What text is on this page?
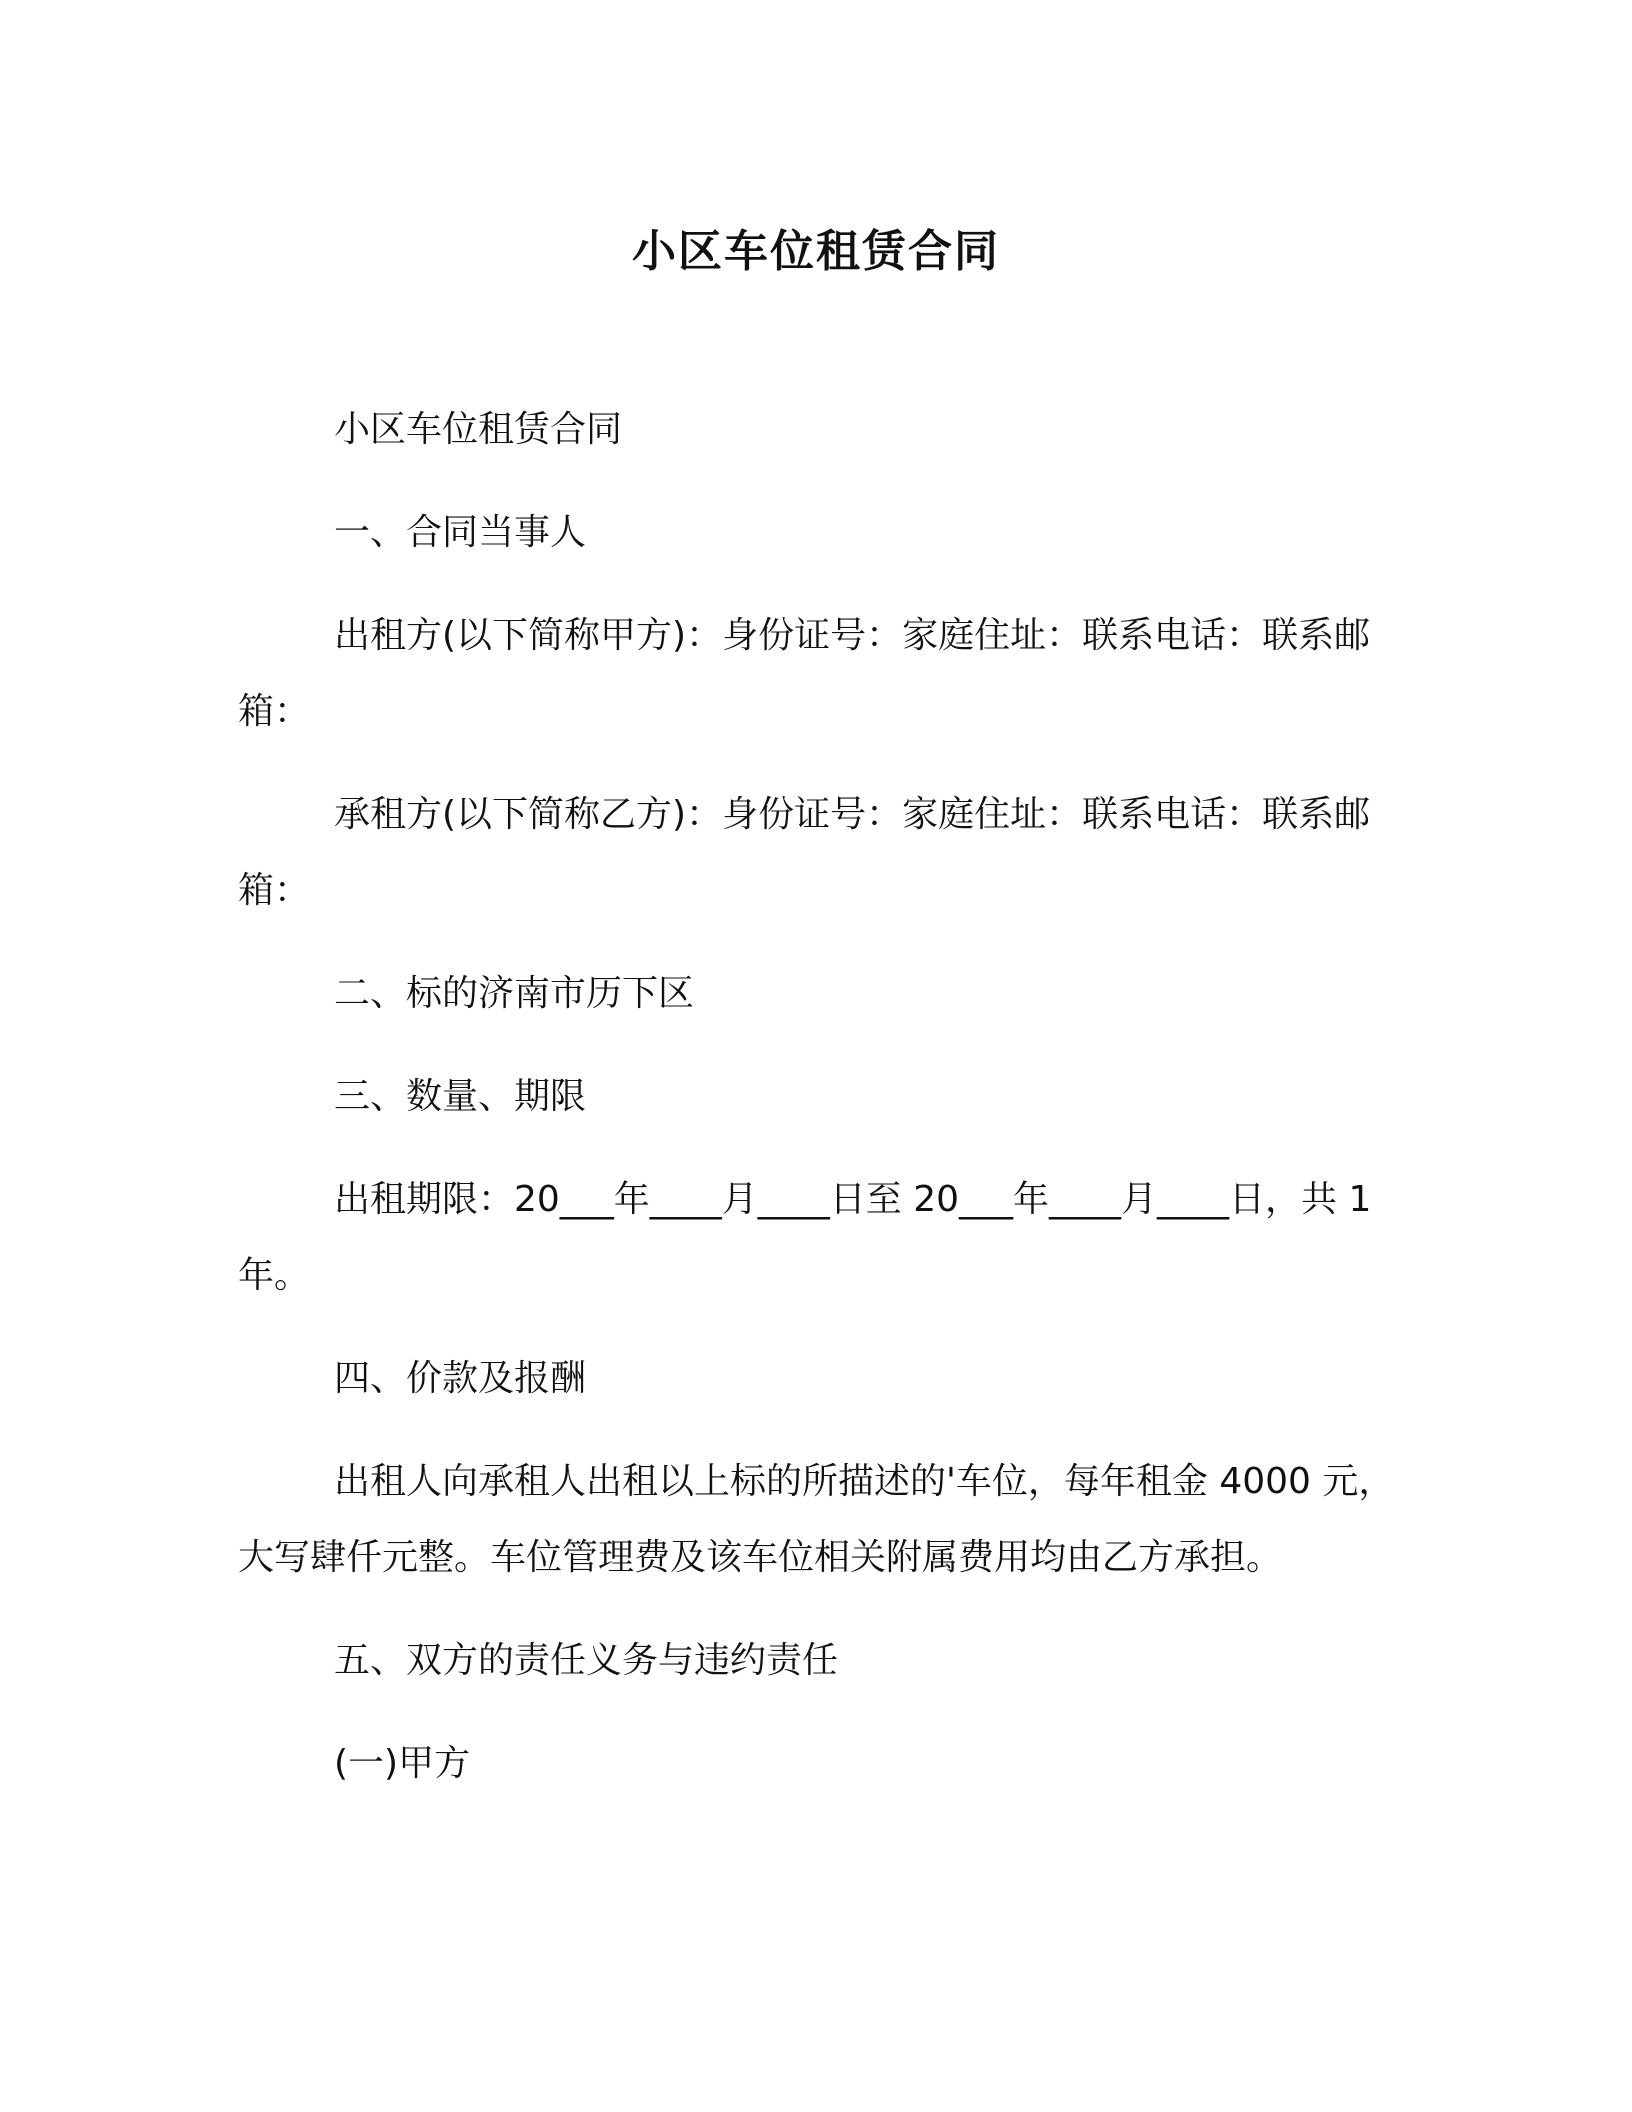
小区车位租赁合同

小区车位租赁合同

一、合同当事人

出租方(以下简称甲方)：身份证号：家庭住址：联系电话：联系邮箱：

承租方(以下简称乙方)：身份证号：家庭住址：联系电话：联系邮箱：

二、标的济南市历下区

三、数量、期限

出租期限：20___年____月____日至 20___年____月____日，共 1 年。

四、价款及报酬

出租人向承租人出租以上标的所描述的'车位，每年租金 4000 元，大写肆仟元整。车位管理费及该车位相关附属费用均由乙方承担。

五、双方的责任义务与违约责任

(一)甲方
